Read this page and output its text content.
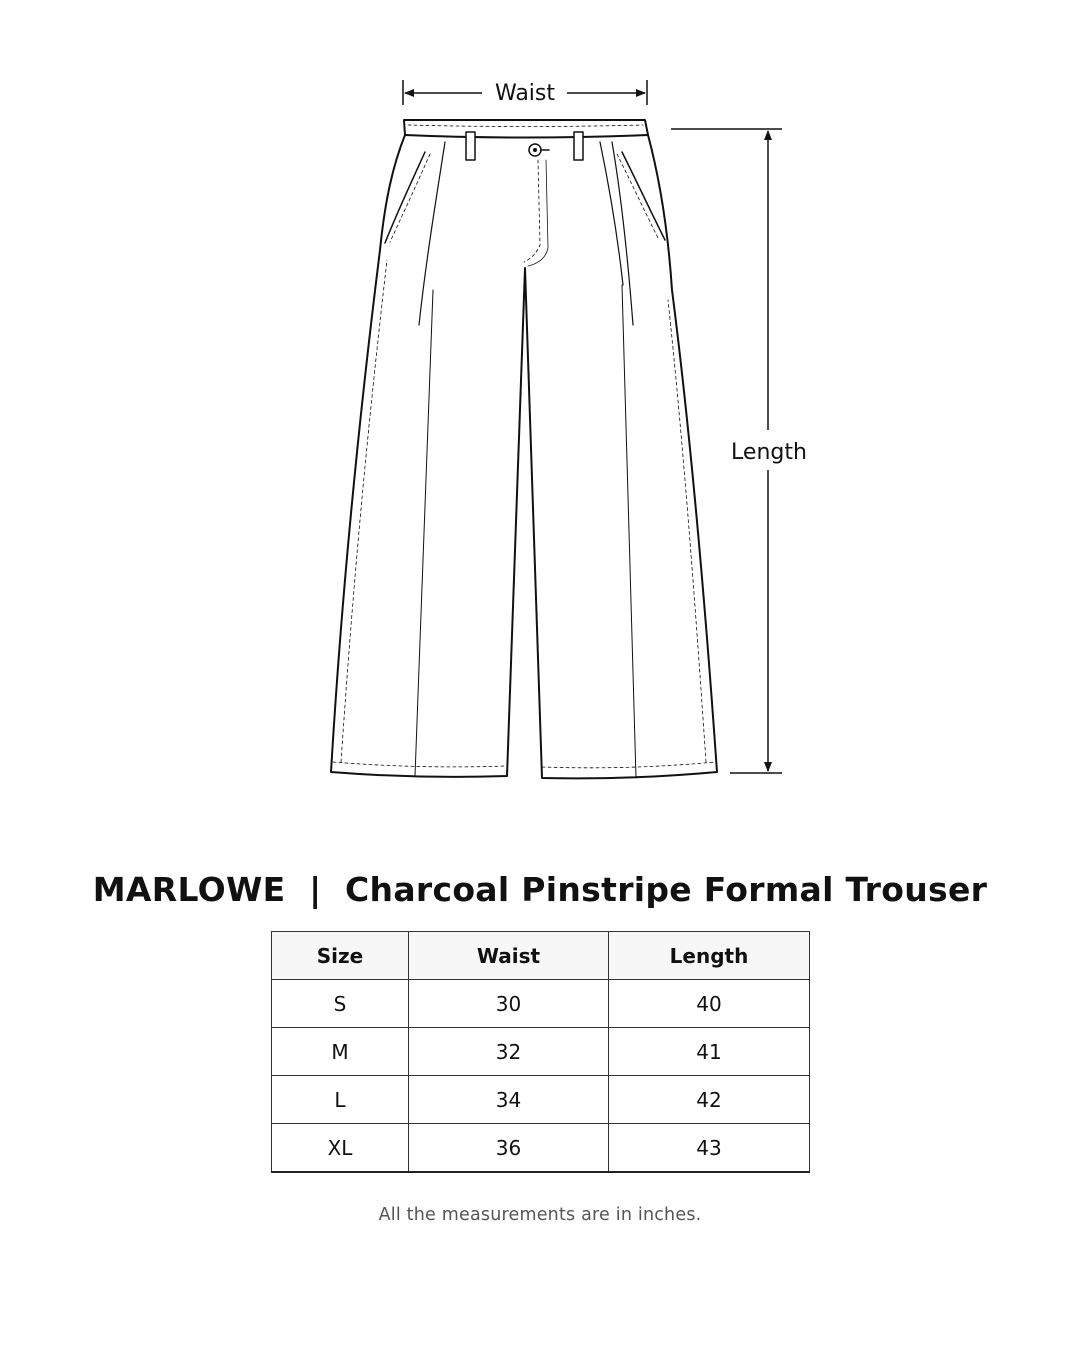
Waist
Length
MARLOWE  |  Charcoal Pinstripe Formal Trouser
Size	Waist	Length
S	30	40
M	32	41
L	34	42
XL	36	43
All the measurements are in inches.
